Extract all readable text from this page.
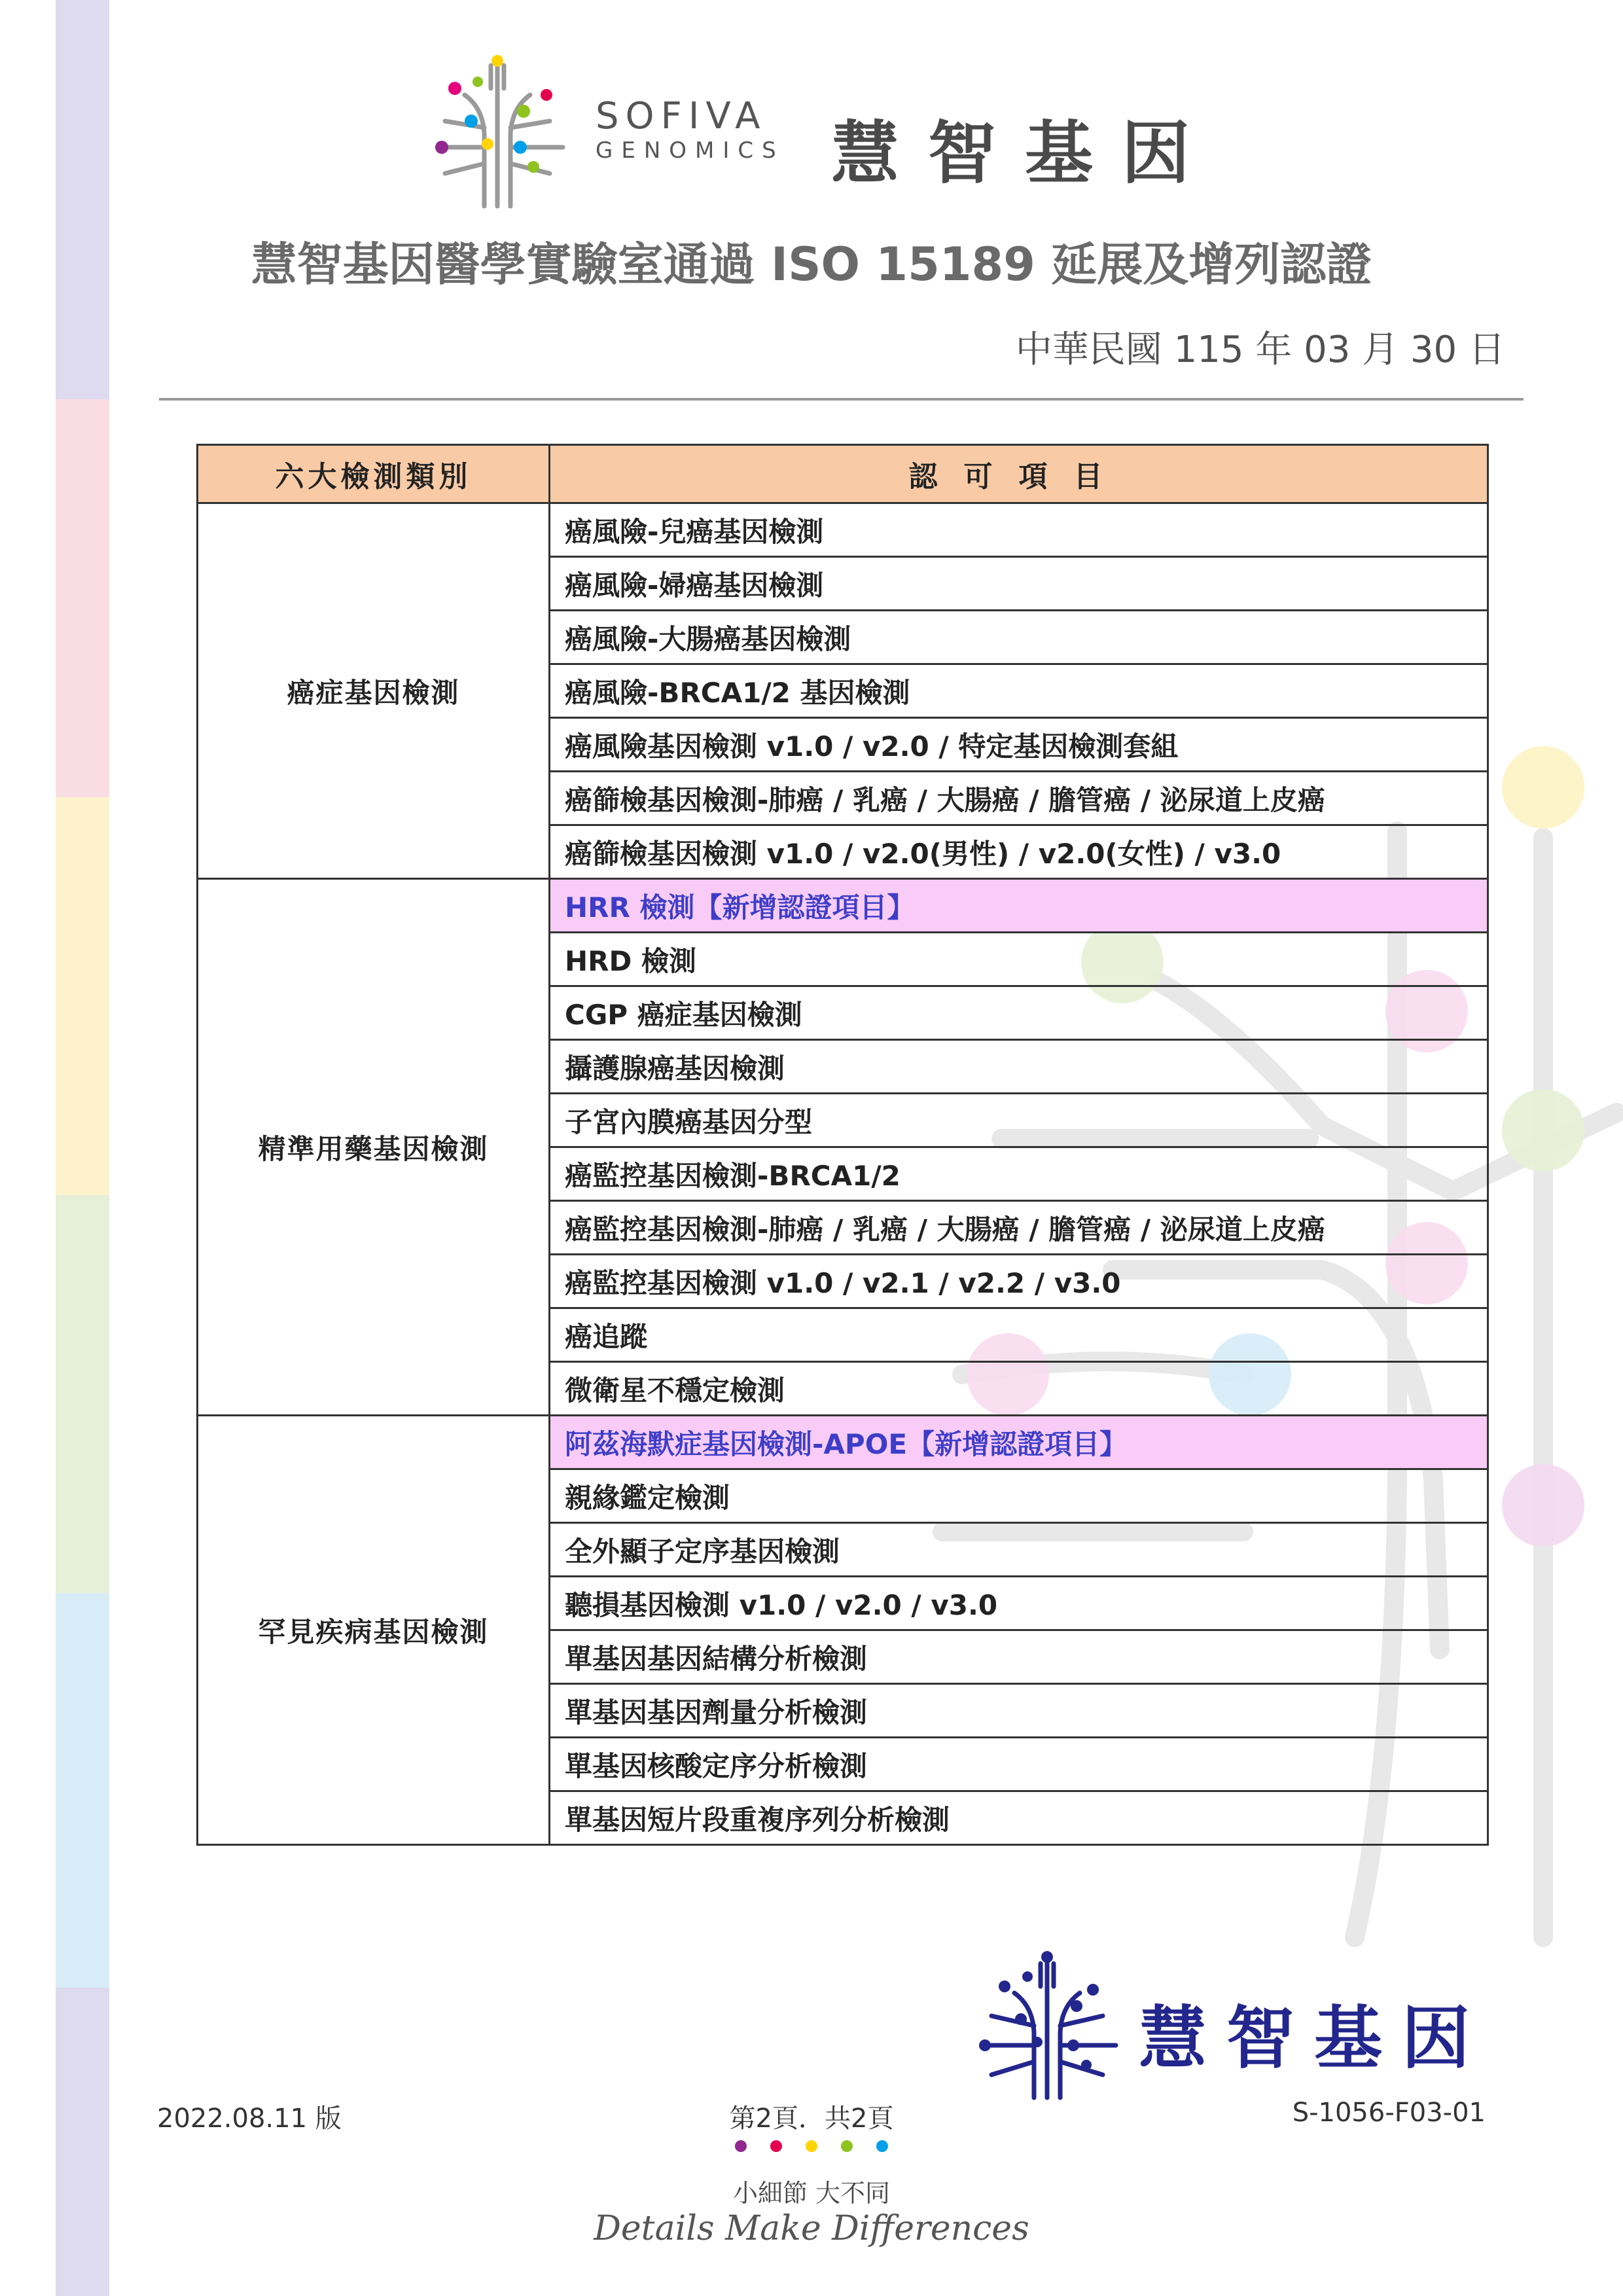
SOFIVA
GENOMICS 慧智基因
慧智基因醫學實驗室通過 ISO 15189 延展及增列認證
中華民國 115 年 03 月 30 日
六大檢測類別	認可項目
癌症基因檢測	癌風險-兒癌基因檢測
	癌風險-婦癌基因檢測
	癌風險-大腸癌基因檢測
	癌風險-BRCA1/2 基因檢測
	癌風險基因檢測 v1.0 / v2.0 / 特定基因檢測套組
	癌篩檢基因檢測-肺癌 / 乳癌 / 大腸癌 / 膽管癌 / 泌尿道上皮癌
	癌篩檢基因檢測 v1.0 / v2.0(男性) / v2.0(女性) / v3.0
精準用藥基因檢測	HRR 檢測【新增認證項目】
	HRD 檢測
	CGP 癌症基因檢測
	攝護腺癌基因檢測
	子宮內膜癌基因分型
	癌監控基因檢測-BRCA1/2
	癌監控基因檢測-肺癌 / 乳癌 / 大腸癌 / 膽管癌 / 泌尿道上皮癌
	癌監控基因檢測 v1.0 / v2.1 / v2.2 / v3.0
	癌追蹤
	微衛星不穩定檢測
罕見疾病基因檢測	阿茲海默症基因檢測-APOE【新增認證項目】
	親緣鑑定檢測
	全外顯子定序基因檢測
	聽損基因檢測 v1.0 / v2.0 / v3.0
	單基因基因結構分析檢測
	單基因基因劑量分析檢測
	單基因核酸定序分析檢測
	單基因短片段重複序列分析檢測
慧智基因
2022.08.11 版	第2頁．共2頁	S-1056-F03-01
小細節 大不同
Details Make Differences
